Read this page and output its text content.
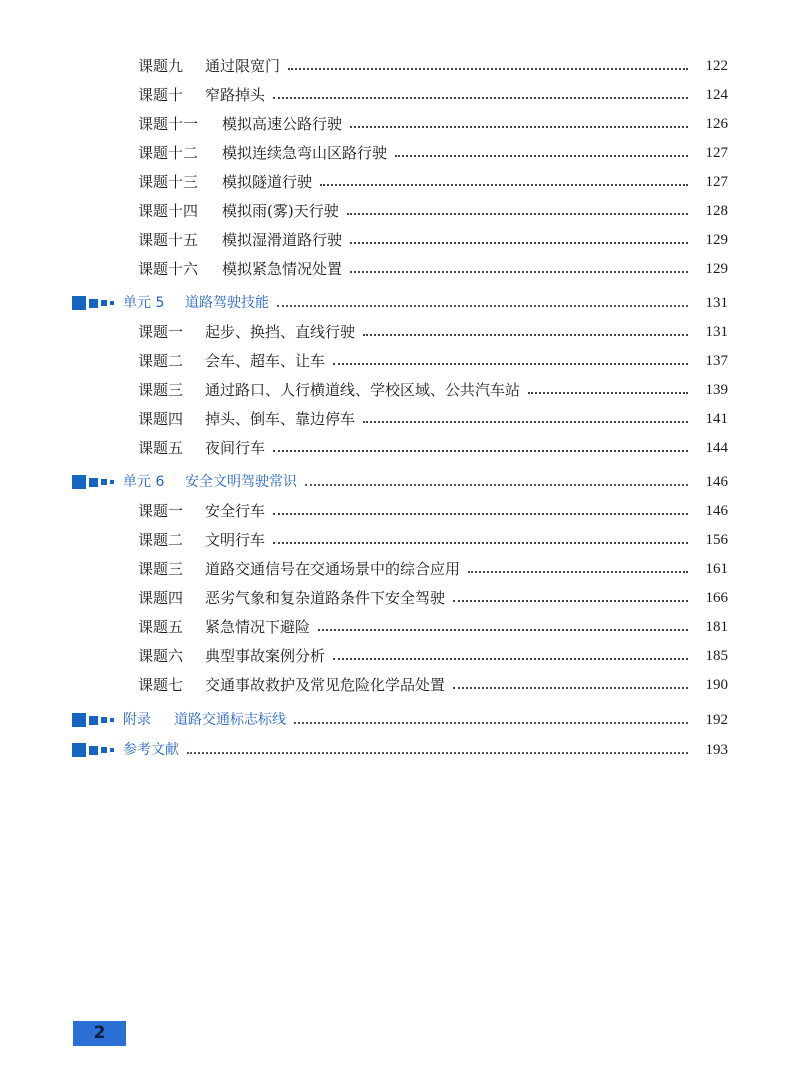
课题九 通过限宽门	122
课题十 窄路掉头	124
课题十一 模拟高速公路行驶	126
课题十二 模拟连续急弯山区路行驶	127
课题十三 模拟隧道行驶	127
课题十四 模拟雨(雾)天行驶	128
课题十五 模拟湿滑道路行驶	129
课题十六 模拟紧急情况处置	129
单元 5 道路驾驶技能	131
课题一 起步、换挡、直线行驶	131
课题二 会车、超车、让车	137
课题三 通过路口、人行横道线、学校区域、公共汽车站	139
课题四 掉头、倒车、靠边停车	141
课题五 夜间行车	144
单元 6 安全文明驾驶常识	146
课题一 安全行车	146
课题二 文明行车	156
课题三 道路交通信号在交通场景中的综合应用	161
课题四 恶劣气象和复杂道路条件下安全驾驶	166
课题五 紧急情况下避险	181
课题六 典型事故案例分析	185
课题七 交通事故救护及常见危险化学品处置	190
附录 道路交通标志标线	192
参考文献	193
2
